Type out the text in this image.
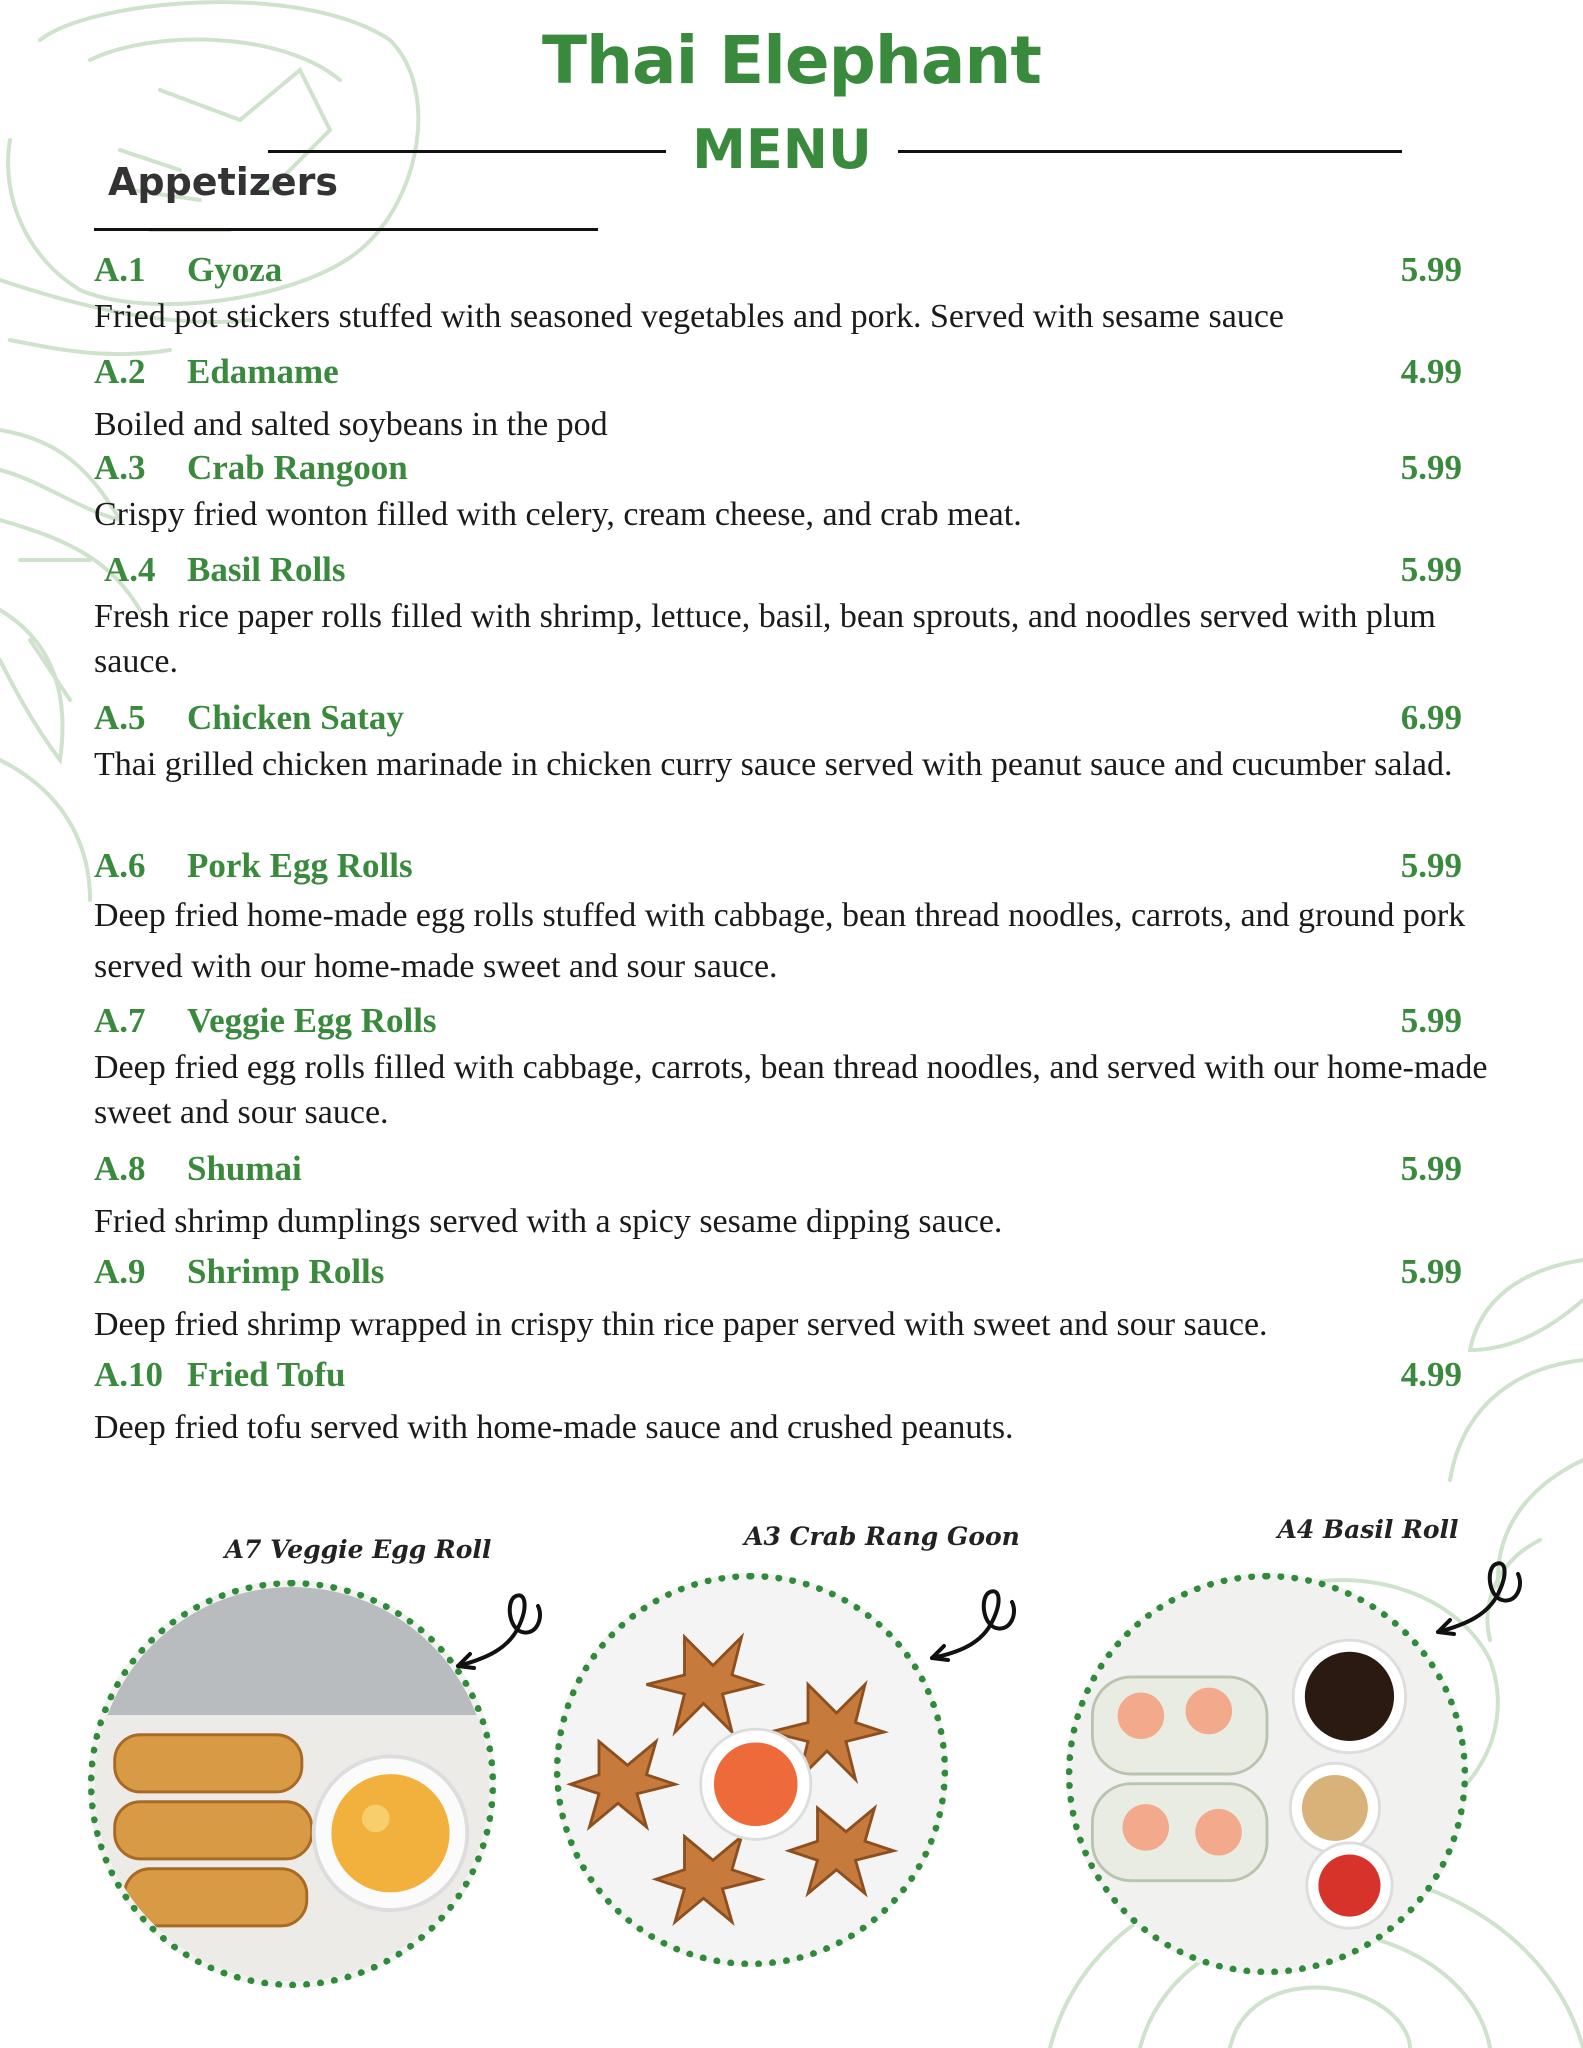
Thai Elephant
MENU
Appetizers
A.1 Gyoza	5.99
Fried pot stickers stuffed with seasoned vegetables and pork. Served with sesame sauce
A.2 Edamame	4.99
Boiled and salted soybeans in the pod
A.3 Crab Rangoon	5.99
Crispy fried wonton filled with celery, cream cheese, and crab meat.
A.4 Basil Rolls	5.99
Fresh rice paper rolls filled with shrimp, lettuce, basil, bean sprouts, and noodles served with plum sauce.
A.5 Chicken Satay	6.99
Thai grilled chicken marinade in chicken curry sauce served with peanut sauce and cucumber salad.
A.6 Pork Egg Rolls	5.99
Deep fried home-made egg rolls stuffed with cabbage, bean thread noodles, carrots, and ground pork served with our home-made sweet and sour sauce.
A.7 Veggie Egg Rolls	5.99
Deep fried egg rolls filled with cabbage, carrots, bean thread noodles, and served with our home-made sweet and sour sauce.
A.8 Shumai	5.99
Fried shrimp dumplings served with a spicy sesame dipping sauce.
A.9 Shrimp Rolls	5.99
Deep fried shrimp wrapped in crispy thin rice paper served with sweet and sour sauce.
A.10 Fried Tofu	4.99
Deep fried tofu served with home-made sauce and crushed peanuts.
A7 Veggie Egg Roll	A3 Crab Rang Goon	A4 Basil Roll
